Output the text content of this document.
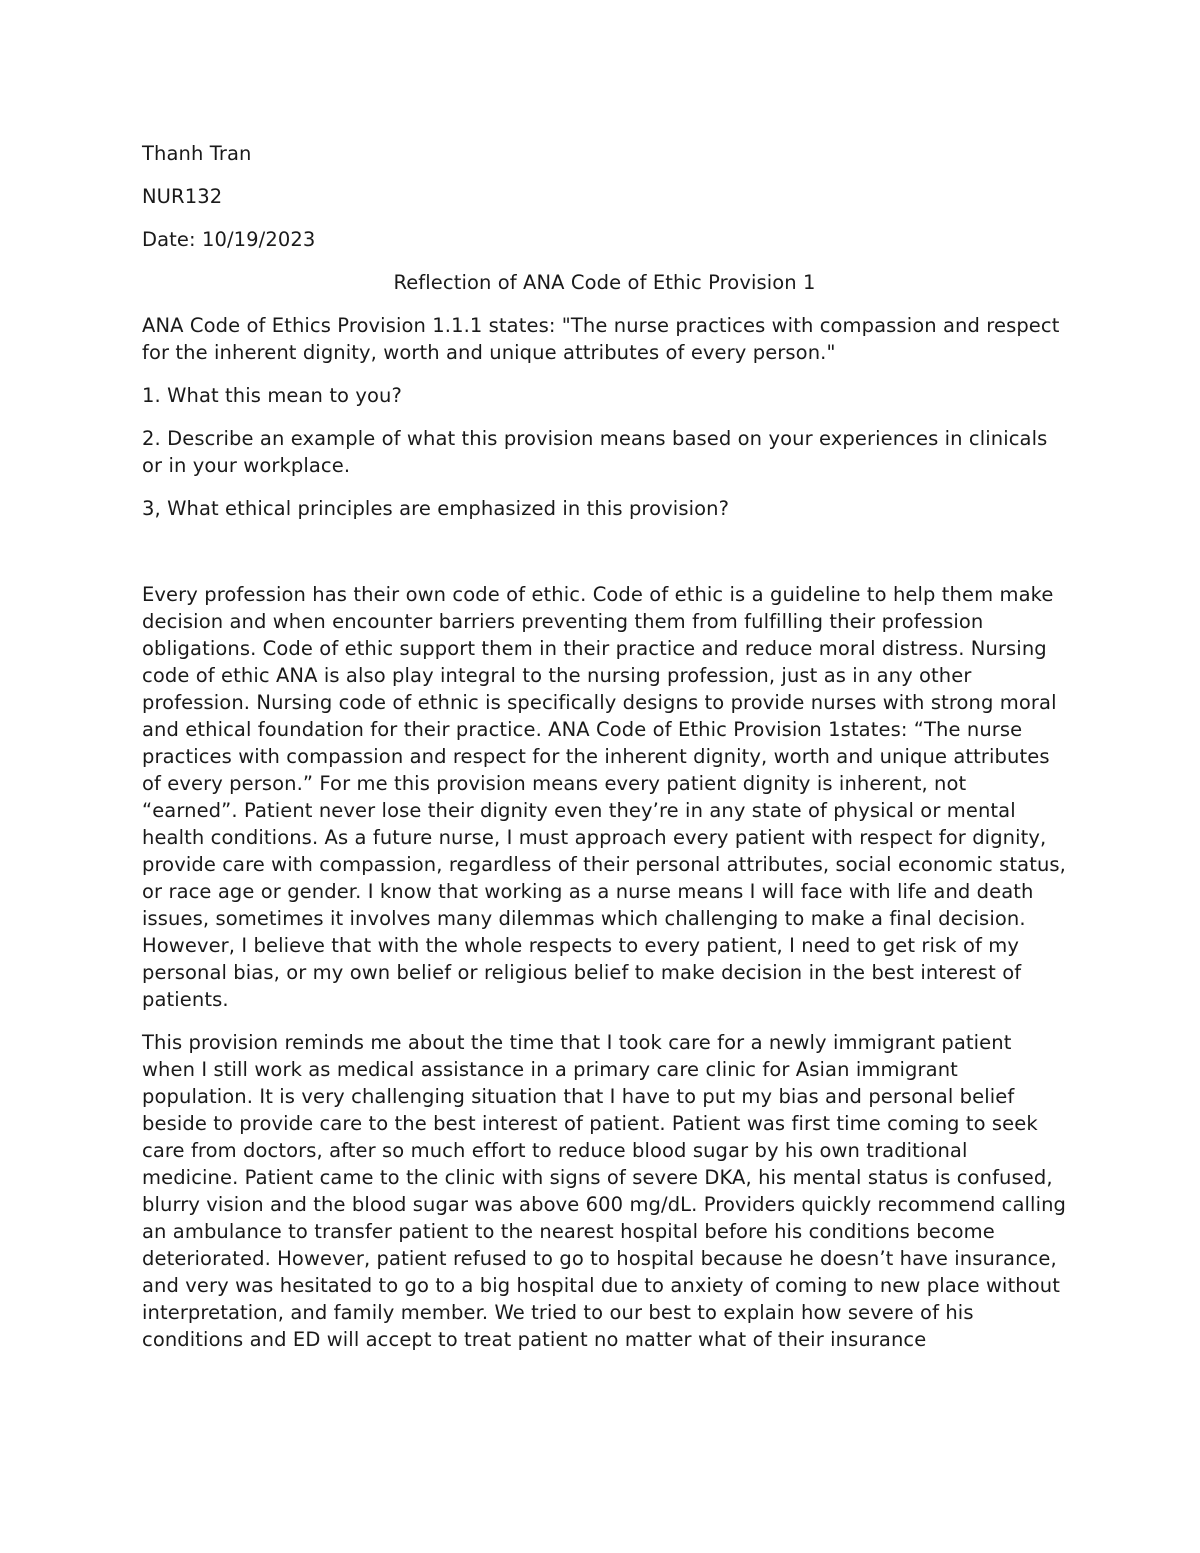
Thanh Tran

NUR132

Date: 10/19/2023

Reflection of ANA Code of Ethic Provision 1

ANA Code of Ethics Provision 1.1.1 states: "The nurse practices with compassion and respect for the inherent dignity, worth and unique attributes of every person."

1. What this mean to you?

2. Describe an example of what this provision means based on your experiences in clinicals or in your workplace.

3, What ethical principles are emphasized in this provision?

Every profession has their own code of ethic. Code of ethic is a guideline to help them make decision and when encounter barriers preventing them from fulfilling their profession obligations. Code of ethic support them in their practice and reduce moral distress. Nursing code of ethic ANA is also play integral to the nursing profession, just as in any other profession. Nursing code of ethnic is specifically designs to provide nurses with strong moral and ethical foundation for their practice. ANA Code of Ethic Provision 1states: “The nurse practices with compassion and respect for the inherent dignity, worth and unique attributes of every person.” For me this provision means every patient dignity is inherent, not “earned”. Patient never lose their dignity even they’re in any state of physical or mental health conditions. As a future nurse, I must approach every patient with respect for dignity, provide care with compassion, regardless of their personal attributes, social economic status, or race age or gender. I know that working as a nurse means I will face with life and death issues, sometimes it involves many dilemmas which challenging to make a final decision. However, I believe that with the whole respects to every patient, I need to get risk of my personal bias, or my own belief or religious belief to make decision in the best interest of patients.

This provision reminds me about the time that I took care for a newly immigrant patient when I still work as medical assistance in a primary care clinic for Asian immigrant population. It is very challenging situation that I have to put my bias and personal belief beside to provide care to the best interest of patient. Patient was first time coming to seek care from doctors, after so much effort to reduce blood sugar by his own traditional medicine. Patient came to the clinic with signs of severe DKA, his mental status is confused, blurry vision and the blood sugar was above 600 mg/dL. Providers quickly recommend calling an ambulance to transfer patient to the nearest hospital before his conditions become deteriorated. However, patient refused to go to hospital because he doesn’t have insurance, and very was hesitated to go to a big hospital due to anxiety of coming to new place without interpretation, and family member. We tried to our best to explain how severe of his conditions and ED will accept to treat patient no matter what of their insurance
